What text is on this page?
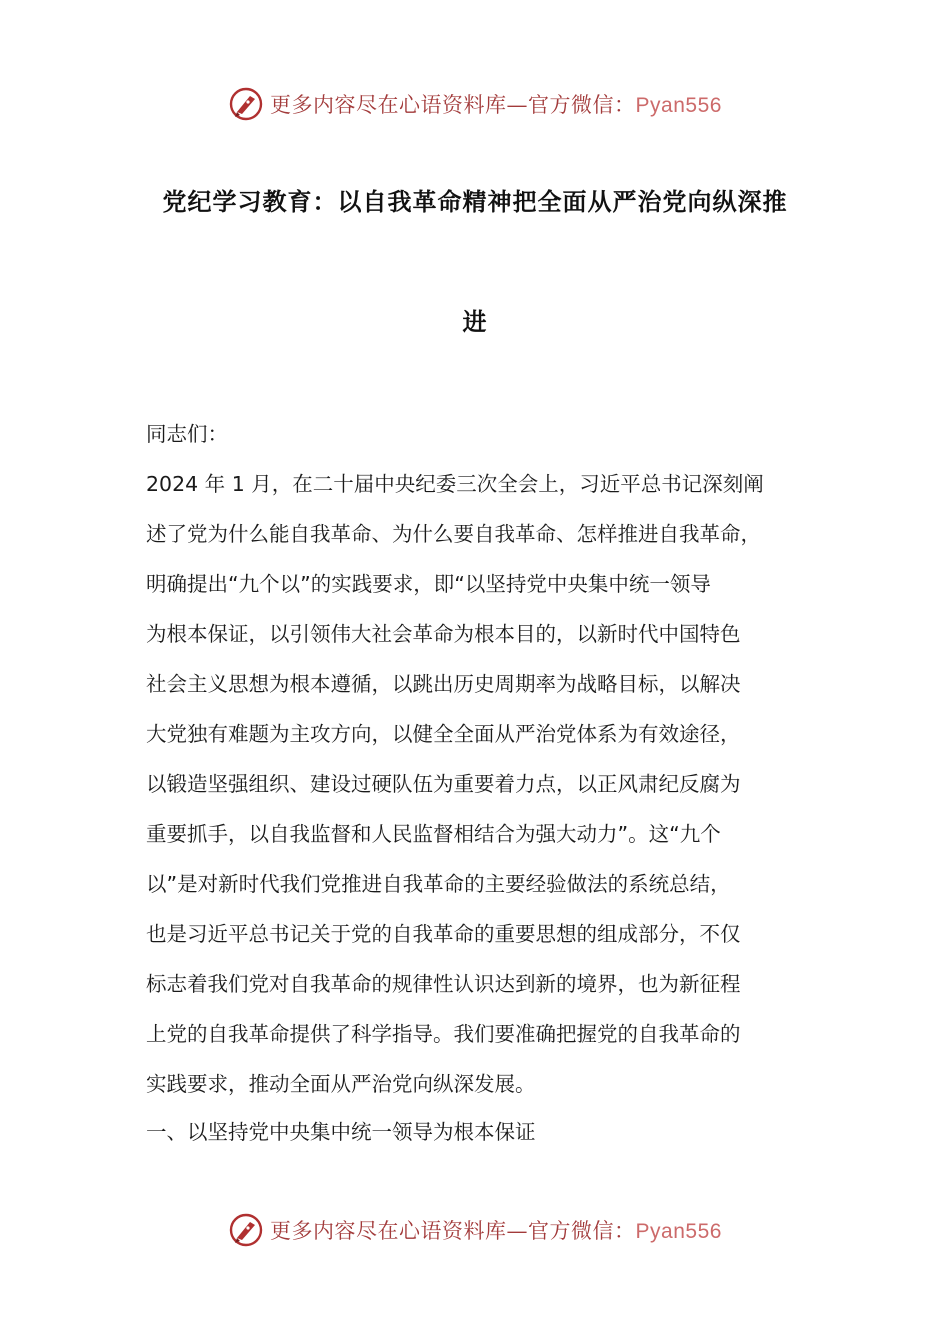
更多内容尽在心语资料库—官方微信：Pyan556
党纪学习教育：以自我革命精神把全面从严治党向纵深推
进
同志们：
2024 年 1 月，在二十届中央纪委三次全会上，习近平总书记深刻阐
述了党为什么能自我革命、为什么要自我革命、怎样推进自我革命，
明确提出“九个以”的实践要求，即“以坚持党中央集中统一领导
为根本保证，以引领伟大社会革命为根本目的，以新时代中国特色
社会主义思想为根本遵循，以跳出历史周期率为战略目标，以解决
大党独有难题为主攻方向，以健全全面从严治党体系为有效途径，
以锻造坚强组织、建设过硬队伍为重要着力点，以正风肃纪反腐为
重要抓手，以自我监督和人民监督相结合为强大动力”。这“九个
以”是对新时代我们党推进自我革命的主要经验做法的系统总结，
也是习近平总书记关于党的自我革命的重要思想的组成部分，不仅
标志着我们党对自我革命的规律性认识达到新的境界，也为新征程
上党的自我革命提供了科学指导。我们要准确把握党的自我革命的
实践要求，推动全面从严治党向纵深发展。
一、以坚持党中央集中统一领导为根本保证
更多内容尽在心语资料库—官方微信：Pyan556
